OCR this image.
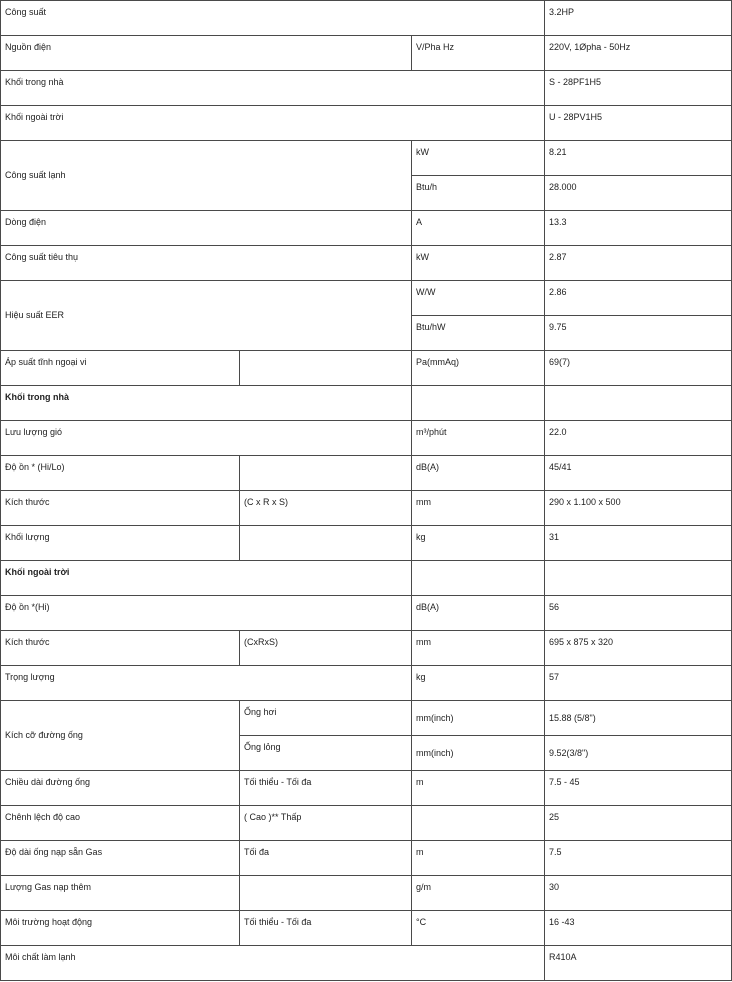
Công suất			3.2HP
Nguồn điện		V/Pha Hz	220V, 1Øpha - 50Hz
Khối trong nhà			S - 28PF1H5
Khối ngoài trời			U - 28PV1H5
Công suất lạnh		kW	8.21
		Btu/h	28.000
Dòng điện		A	13.3
Công suất tiêu thụ		kW	2.87
Hiệu suất EER		W/W	2.86
		Btu/hW	9.75
Áp suất tĩnh ngoại vi		Pa(mmAq)	69(7)
Khối trong nhà			
Lưu lượng gió		m³/phút	22.0
Độ ồn * (Hi/Lo)		dB(A)	45/41
Kích thước	(C x R x S)	mm	290 x 1.100 x 500
Khối lượng		kg	31
Khối ngoài trời			
Độ ồn *(Hi)		dB(A)	56
Kích thước	(CxRxS)	mm	695 x 875 x 320
Trọng lượng		kg	57
Kích cỡ đường ống	Ống hơi	mm(inch)	15.88 (5/8")
	Ống lỏng	mm(inch)	9.52(3/8")
Chiều dài đường ống	Tối thiểu - Tối đa	m	7.5 - 45
Chênh lệch độ cao	( Cao )** Thấp		25
Độ dài ống nạp sẵn Gas	Tối đa	m	7.5
Lượng Gas nạp thêm		g/m	30
Môi trường hoạt động	Tối thiểu - Tối đa	°C	16 -43
Môi chất làm lạnh			R410A
